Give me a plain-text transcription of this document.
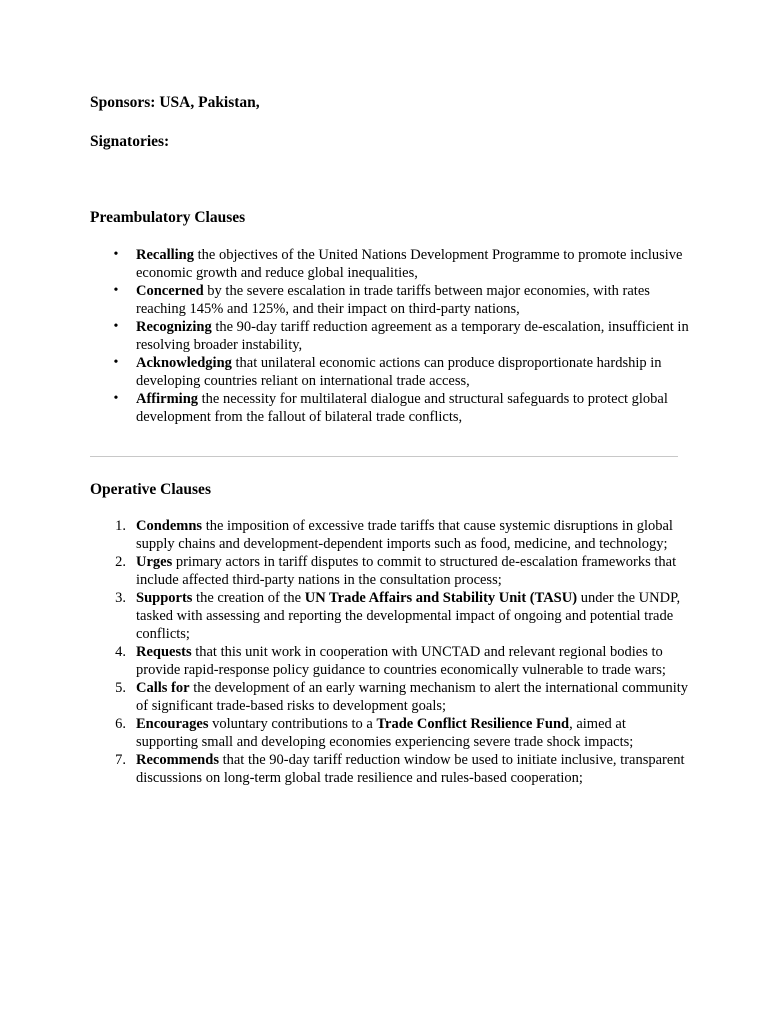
Sponsors: USA, Pakistan,
Signatories:
Preambulatory Clauses
• Recalling the objectives of the United Nations Development Programme to promote inclusive economic growth and reduce global inequalities,
• Concerned by the severe escalation in trade tariffs between major economies, with rates reaching 145% and 125%, and their impact on third-party nations,
• Recognizing the 90-day tariff reduction agreement as a temporary de-escalation, insufficient in resolving broader instability,
• Acknowledging that unilateral economic actions can produce disproportionate hardship in developing countries reliant on international trade access,
• Affirming the necessity for multilateral dialogue and structural safeguards to protect global development from the fallout of bilateral trade conflicts,
Operative Clauses
1. Condemns the imposition of excessive trade tariffs that cause systemic disruptions in global supply chains and development-dependent imports such as food, medicine, and technology;
2. Urges primary actors in tariff disputes to commit to structured de-escalation frameworks that include affected third-party nations in the consultation process;
3. Supports the creation of the UN Trade Affairs and Stability Unit (TASU) under the UNDP, tasked with assessing and reporting the developmental impact of ongoing and potential trade conflicts;
4. Requests that this unit work in cooperation with UNCTAD and relevant regional bodies to provide rapid-response policy guidance to countries economically vulnerable to trade wars;
5. Calls for the development of an early warning mechanism to alert the international community of significant trade-based risks to development goals;
6. Encourages voluntary contributions to a Trade Conflict Resilience Fund, aimed at supporting small and developing economies experiencing severe trade shock impacts;
7. Recommends that the 90-day tariff reduction window be used to initiate inclusive, transparent discussions on long-term global trade resilience and rules-based cooperation;
